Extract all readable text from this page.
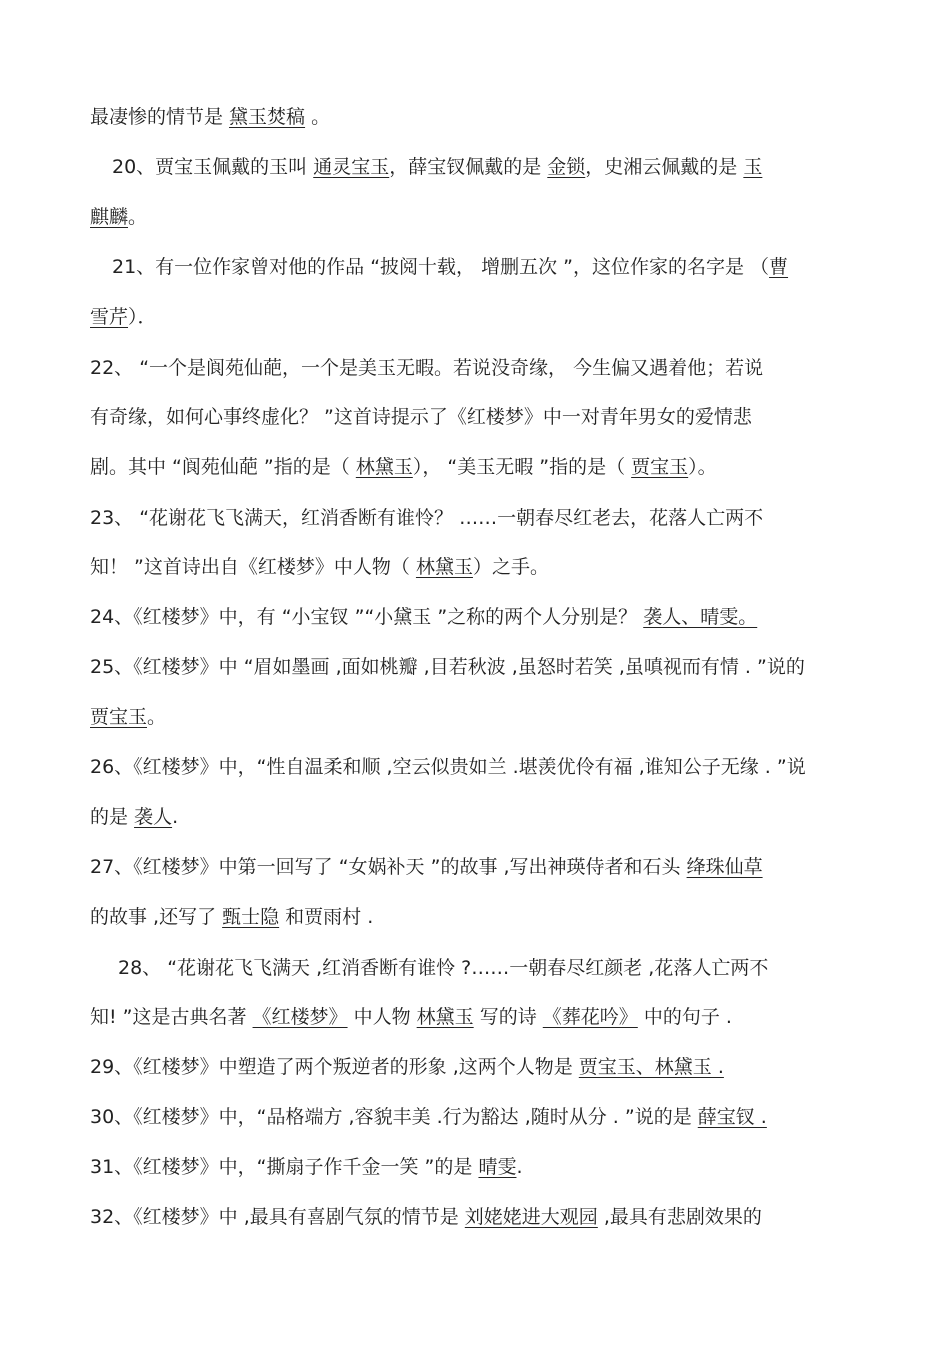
最凄惨的情节是 黛玉焚稿 。
20、贾宝玉佩戴的玉叫 通灵宝玉，薛宝钗佩戴的是 金锁，史湘云佩戴的是 玉
麒麟。
21、有一位作家曾对他的作品 “披阅十载， 增删五次 ”，这位作家的名字是 （曹
雪芹）．
22、 “一个是阆苑仙葩，一个是美玉无暇。若说没奇缘， 今生偏又遇着他；若说
有奇缘，如何心事终虚化？ ”这首诗提示了《红楼梦》中一对青年男女的爱情悲
剧。其中 “阆苑仙葩 ”指的是（ 林黛玉）， “美玉无暇 ”指的是（ 贾宝玉）。
23、 “花谢花飞飞满天，红消香断有谁怜？ ……一朝春尽红老去，花落人亡两不
知！ ”这首诗出自《红楼梦》中人物（ 林黛玉）之手。
24、《红楼梦》中，有 “小宝钗 ”“小黛玉 ”之称的两个人分别是？ 袭人、晴雯。
25、《红楼梦》中 “眉如墨画 ,面如桃瓣 ,目若秋波 ,虽怒时若笑 ,虽嗔视而有情 . ”说的
贾宝玉。
26、《红楼梦》中，“性自温柔和顺 ,空云似贵如兰 .堪羡优伶有福 ,谁知公子无缘 . ”说
的是 袭人.
27、《红楼梦》中第一回写了 “女娲补天 ”的故事 ,写出神瑛侍者和石头 绛珠仙草
的故事 ,还写了 甄士隐 和贾雨村 .
28、 “花谢花飞飞满天 ,红消香断有谁怜 ?……一朝春尽红颜老 ,花落人亡两不
知! ”这是古典名著 《红楼梦》 中人物 林黛玉 写的诗 《葬花吟》 中的句子 .
29、《红楼梦》中塑造了两个叛逆者的形象 ,这两个人物是 贾宝玉、林黛玉 .
30、《红楼梦》中，“品格端方 ,容貌丰美 .行为豁达 ,随时从分 . ”说的是 薛宝钗 .
31、《红楼梦》中，“撕扇子作千金一笑 ”的是 晴雯.
32、《红楼梦》中 ,最具有喜剧气氛的情节是 刘姥姥进大观园 ,最具有悲剧效果的
